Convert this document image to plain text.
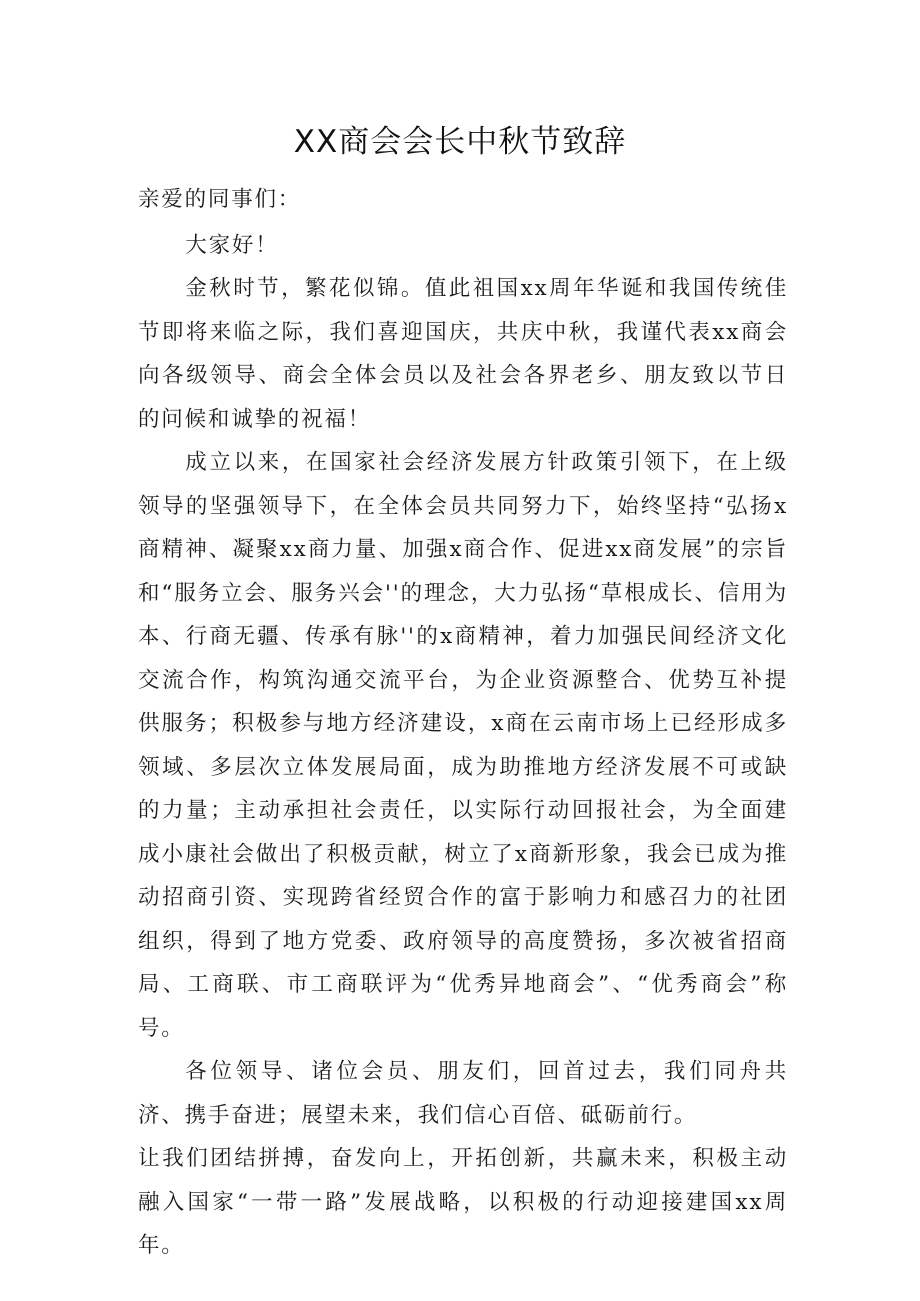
XX商会会长中秋节致辞

亲爱的同事们：

大家好！

金秋时节，繁花似锦。值此祖国xx周年华诞和我国传统佳节即将来临之际，我们喜迎国庆，共庆中秋，我谨代表xx商会向各级领导、商会全体会员以及社会各界老乡、朋友致以节日的问候和诚挚的祝福！

成立以来，在国家社会经济发展方针政策引领下，在上级领导的坚强领导下，在全体会员共同努力下，始终坚持“弘扬x商精神、凝聚xx商力量、加强x商合作、促进xx商发展”的宗旨和“服务立会、服务兴会''的理念，大力弘扬“草根成长、信用为本、行商无疆、传承有脉''的x商精神，着力加强民间经济文化交流合作，构筑沟通交流平台，为企业资源整合、优势互补提供服务；积极参与地方经济建设，x商在云南市场上已经形成多领域、多层次立体发展局面，成为助推地方经济发展不可或缺的力量；主动承担社会责任，以实际行动回报社会，为全面建成小康社会做出了积极贡献，树立了x商新形象，我会已成为推动招商引资、实现跨省经贸合作的富于影响力和感召力的社团组织，得到了地方党委、政府领导的高度赞扬，多次被省招商局、工商联、市工商联评为“优秀异地商会”、“优秀商会”称号。

各位领导、诸位会员、朋友们，回首过去，我们同舟共济、携手奋进；展望未来，我们信心百倍、砥砺前行。

让我们团结拼搏，奋发向上，开拓创新，共赢未来，积极主动融入国家“一带一路”发展战略，以积极的行动迎接建国xx周年。
